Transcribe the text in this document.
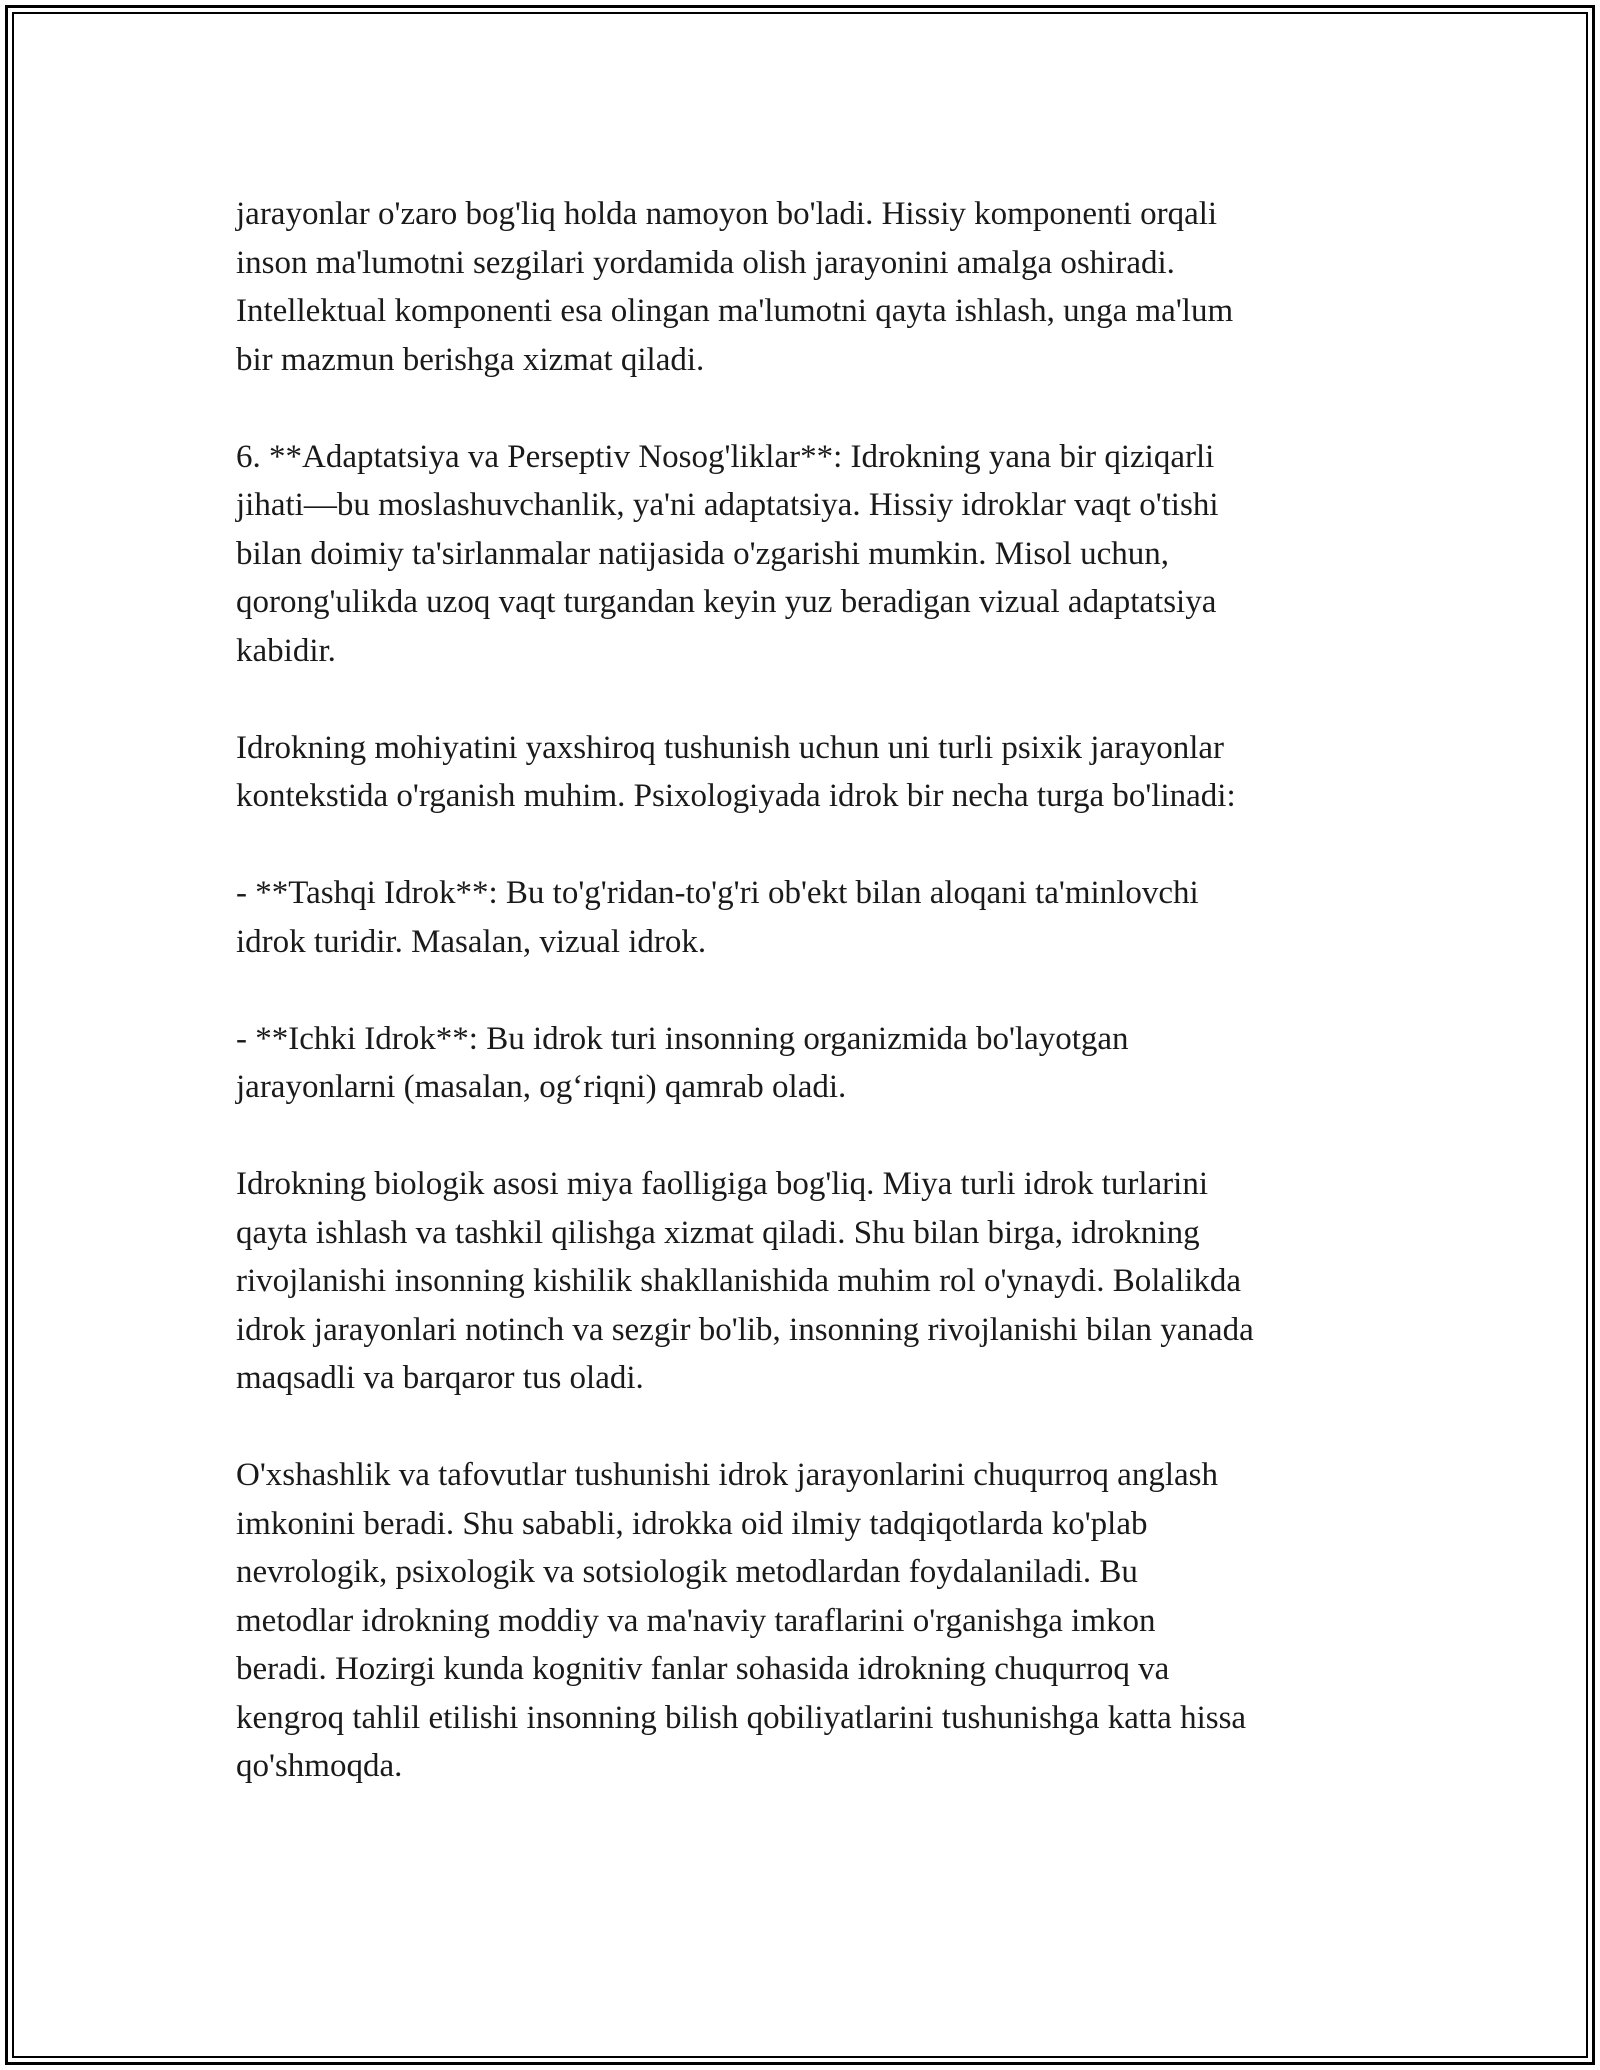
jarayonlar o'zaro bog'liq holda namoyon bo'ladi. Hissiy komponenti orqali
inson ma'lumotni sezgilari yordamida olish jarayonini amalga oshiradi.
Intellektual komponenti esa olingan ma'lumotni qayta ishlash, unga ma'lum
bir mazmun berishga xizmat qiladi.

6. **Adaptatsiya va Perseptiv Nosog'liklar**: Idrokning yana bir qiziqarli
jihati—bu moslashuvchanlik, ya'ni adaptatsiya. Hissiy idroklar vaqt o'tishi
bilan doimiy ta'sirlanmalar natijasida o'zgarishi mumkin. Misol uchun,
qorong'ulikda uzoq vaqt turgandan keyin yuz beradigan vizual adaptatsiya
kabidir.

Idrokning mohiyatini yaxshiroq tushunish uchun uni turli psixik jarayonlar
kontekstida o'rganish muhim. Psixologiyada idrok bir necha turga bo'linadi:

- **Tashqi Idrok**: Bu to'g'ridan-to'g'ri ob'ekt bilan aloqani ta'minlovchi
idrok turidir. Masalan, vizual idrok.

- **Ichki Idrok**: Bu idrok turi insonning organizmida bo'layotgan
jarayonlarni (masalan, og‘riqni) qamrab oladi.

Idrokning biologik asosi miya faolligiga bog'liq. Miya turli idrok turlarini
qayta ishlash va tashkil qilishga xizmat qiladi. Shu bilan birga, idrokning
rivojlanishi insonning kishilik shakllanishida muhim rol o'ynaydi. Bolalikda
idrok jarayonlari notinch va sezgir bo'lib, insonning rivojlanishi bilan yanada
maqsadli va barqaror tus oladi.

O'xshashlik va tafovutlar tushunishi idrok jarayonlarini chuqurroq anglash
imkonini beradi. Shu sababli, idrokka oid ilmiy tadqiqotlarda ko'plab
nevrologik, psixologik va sotsiologik metodlardan foydalaniladi. Bu
metodlar idrokning moddiy va ma'naviy taraflarini o'rganishga imkon
beradi. Hozirgi kunda kognitiv fanlar sohasida idrokning chuqurroq va
kengroq tahlil etilishi insonning bilish qobiliyatlarini tushunishga katta hissa
qo'shmoqda.
